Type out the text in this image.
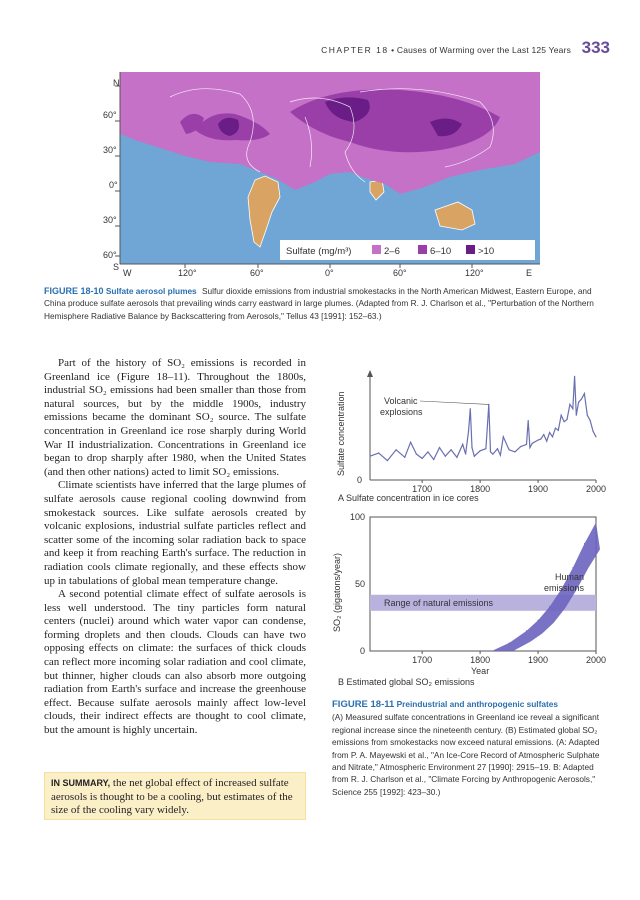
CHAPTER 18 • Causes of Warming over the Last 125 Years 333
Sulfate (mg/m³)	2–6	6–10	>10
N
60°
30°
0°
30°
60°
S
W	120°	60°	0°	60°	120°	E
FIGURE 18-10 Sulfate aerosol plumes Sulfur dioxide emissions from industrial smokestacks in the North American Midwest, Eastern Europe, and China produce sulfate aerosols that prevailing winds carry eastward in large plumes. (Adapted from R. J. Charlson et al., "Perturbation of the Northern Hemisphere Radiative Balance by Backscattering from Aerosols," Tellus 43 [1991]: 152–63.)

Part of the history of SO₂ emissions is recorded in Greenland ice (Figure 18–11). Throughout the 1800s, industrial SO₂ emissions had been smaller than those from natural sources, but by the middle 1900s, industry emissions became the dominant SO₂ source. The sulfate concentration in Greenland ice rose sharply during World War II industrialization. Concentrations in Greenland ice began to drop sharply after 1980, when the United States (and then other nations) acted to limit SO₂ emissions.

Climate scientists have inferred that the large plumes of sulfate aerosols cause regional cooling downwind from smokestack sources. Like sulfate aerosols created by volcanic explosions, industrial sulfate particles reflect and scatter some of the incoming solar radiation back to space and keep it from reaching Earth's surface. The reduction in radiation cools climate regionally, and these effects show up in tabulations of global mean temperature change.

A second potential climate effect of sulfate aerosols is less well understood. The tiny particles form natural centers (nuclei) around which water vapor can condense, forming droplets and then clouds. Clouds can have two opposing effects on climate: the surfaces of thick clouds can reflect more incoming solar radiation and cool climate, but thinner, higher clouds can also absorb more outgoing radiation from Earth's surface and increase the greenhouse effect. Because sulfate aerosols mainly affect low-level clouds, their indirect effects are thought to cool climate, but the amount is highly uncertain.

IN SUMMARY, the net global effect of increased sulfate aerosols is thought to be a cooling, but estimates of the size of the cooling vary widely.
Sulfate concentration
1700	1800	1900	2000
0
Volcanic
explosions
A Sulfate concentration in ice cores
SO₂ (gigatons/year)
0
50
100
1700	1800	1900	2000
Year
Range of natural emissions
Human
emissions
B Estimated global SO₂ emissions
FIGURE 18-11 Preindustrial and anthropogenic sulfates
(A) Measured sulfate concentrations in Greenland ice reveal a significant regional increase since the nineteenth century. (B) Estimated global SO₂ emissions from smokestacks now exceed natural emissions. (A: Adapted from P. A. Mayewski et al., "An Ice-Core Record of Atmospheric Sulphate and Nitrate," Atmospheric Environment 27 [1990]: 2915–19. B: Adapted from R. J. Charlson et al., "Climate Forcing by Anthropogenic Aerosols," Science 255 [1992]: 423–30.)
